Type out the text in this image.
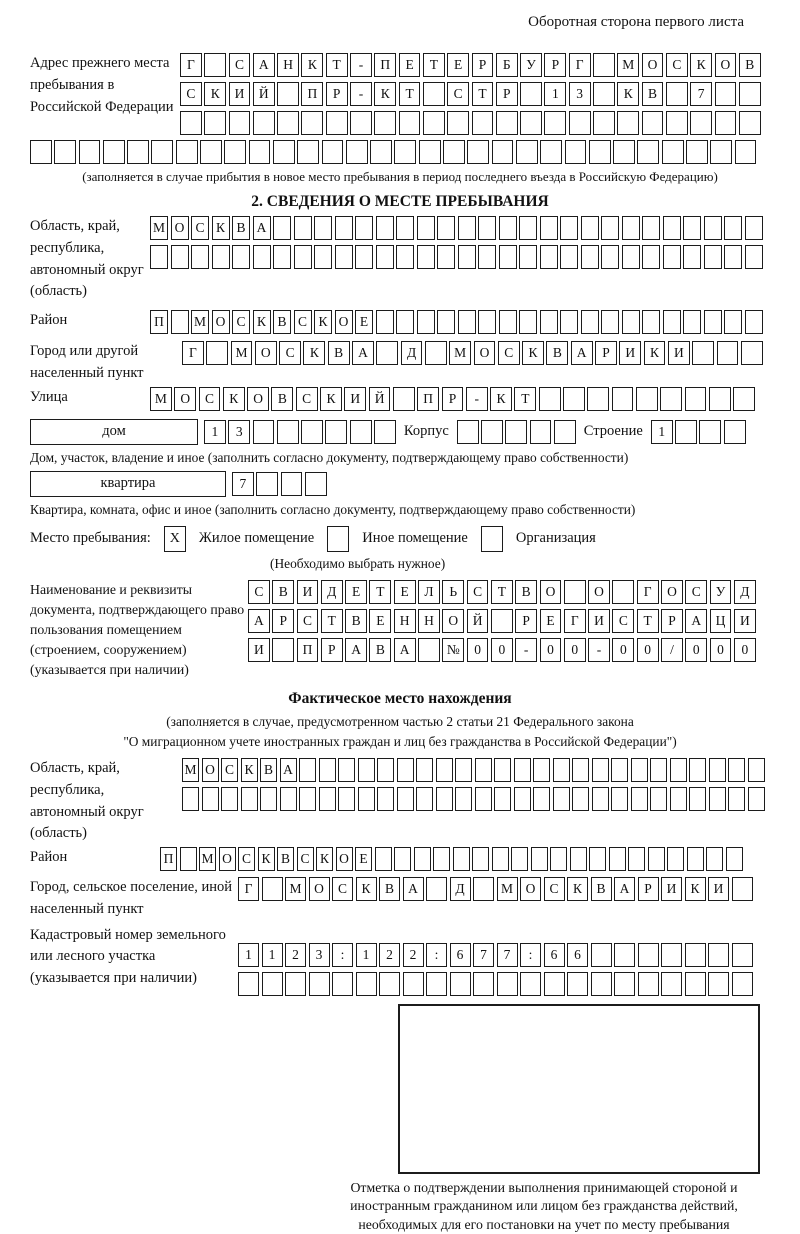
Оборотная сторона первого листа
Адрес прежнего места пребывания в Российской Федерации
Г	С	А	Н	К	Т	-	П	Е	Т	Е	Р	Б	У	Р	Г	М О	С	К	О	В
С	К	И	Й	П	Р	-	К	Т	С	Т	Р	1	3	К	В	7
(заполняется в случае прибытия в новое место пребывания в период последнего въезда в Российскую Федерацию)
2. СВЕДЕНИЯ О МЕСТЕ ПРЕБЫВАНИЯ
Область, край, республика, автономный округ (область)
М О С К В А
Район	П	М О С К В С К О Е
Город или другой населенный пункт
Г	М О	С	К	В	А	Д	М О	С	К	В	А	Р	И	К	И
Улица	М О	С	К	О	В	С	К	И	Й	П	Р	-	К	Т
дом	1	3	Корпус	Строение	1
Дом, участок, владение и иное (заполнить согласно документу, подтверждающему право собственности)
квартира	7
Квартира, комната, офис и иное (заполнить согласно документу, подтверждающему право собственности)
Место пребывания:	X	Жилое помещение	Иное помещение	Организация
(Необходимо выбрать нужное)
Наименование и реквизиты документа, подтверждающего право пользования помещением (строением, сооружением) (указывается при наличии)
С	В	И	Д	Е	Т	Е	Л	Ь	С	Т	В	О	О	Г	О	С	У	Д
А	Р	С	Т	В	Е	Н	Н	О	Й	Р	Е	Г	И	С	Т	Р	А	Ц	И
И	П	Р	А	В	А	№	0	0	-	0	0	-	0	0	/	0	0	0
Фактическое место нахождения
(заполняется в случае, предусмотренном частью 2 статьи 21 Федерального закона
"О миграционном учете иностранных граждан и лиц без гражданства в Российской Федерации")
Область, край, республика, автономный округ (область)
М О С К В А
Район	П М О С К В С К О Е
Город, сельское поселение, иной населенный пункт
Г	М О	С	К	В	А	Д	М О	С	К	В	А	Р	И	К	И
Кадастровый номер земельного или лесного участка (указывается при наличии)
1	1	2	3	:	1	2	2	:	6	7	7	:	6	6
Отметка о подтверждении выполнения принимающей стороной и иностранным гражданином или лицом без гражданства действий, необходимых для его постановки на учет по месту пребывания
